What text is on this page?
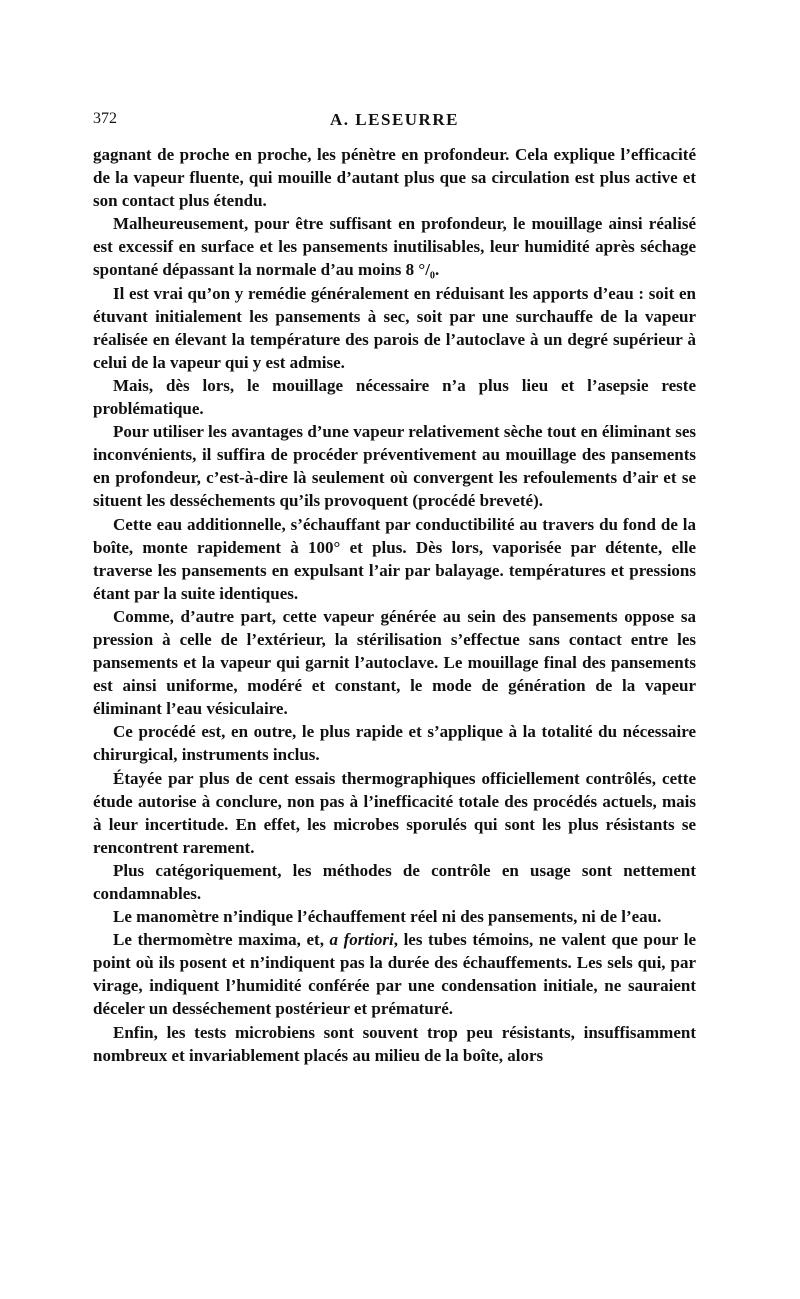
372	A. LESEURRE

gagnant de proche en proche, les pénètre en profondeur. Cela explique l’efficacité de la vapeur fluente, qui mouille d’autant plus que sa circulation est plus active et son contact plus étendu.

Malheureusement, pour être suffisant en profondeur, le mouillage ainsi réalisé est excessif en surface et les pansements inutilisables, leur humidité après séchage spontané dépassant la normale d’au moins 8 °/₀.

Il est vrai qu’on y remédie généralement en réduisant les apports d’eau : soit en étuvant initialement les pansements à sec, soit par une surchauffe de la vapeur réalisée en élevant la température des parois de l’autoclave à un degré supérieur à celui de la vapeur qui y est admise.

Mais, dès lors, le mouillage nécessaire n’a plus lieu et l’asepsie reste problématique.

Pour utiliser les avantages d’une vapeur relativement sèche tout en éliminant ses inconvénients, il suffira de procéder préventivement au mouillage des pansements en profondeur, c’est-à-dire là seulement où convergent les refoulements d’air et se situent les desséchements qu’ils provoquent (procédé breveté).

Cette eau additionnelle, s’échauffant par conductibilité au travers du fond de la boîte, monte rapidement à 100° et plus. Dès lors, vaporisée par détente, elle traverse les pansements en expulsant l’air par balayage. températures et pressions étant par la suite identiques.

Comme, d’autre part, cette vapeur générée au sein des pansements oppose sa pression à celle de l’extérieur, la stérilisation s’effectue sans contact entre les pansements et la vapeur qui garnit l’autoclave. Le mouillage final des pansements est ainsi uniforme, modéré et constant, le mode de génération de la vapeur éliminant l’eau vésiculaire.

Ce procédé est, en outre, le plus rapide et s’applique à la totalité du nécessaire chirurgical, instruments inclus.

Étayée par plus de cent essais thermographiques officiellement contrôlés, cette étude autorise à conclure, non pas à l’inefficacité totale des procédés actuels, mais à leur incertitude. En effet, les microbes sporulés qui sont les plus résistants se rencontrent rarement.

Plus catégoriquement, les méthodes de contrôle en usage sont nettement condamnables.

Le manomètre n’indique l’échauffement réel ni des pansements, ni de l’eau.

Le thermomètre maxima, et, a fortiori, les tubes témoins, ne valent que pour le point où ils posent et n’indiquent pas la durée des échauffements. Les sels qui, par virage, indiquent l’humidité conférée par une condensation initiale, ne sauraient déceler un desséchement postérieur et prématuré.

Enfin, les tests microbiens sont souvent trop peu résistants, insuffisamment nombreux et invariablement placés au milieu de la boîte, alors
